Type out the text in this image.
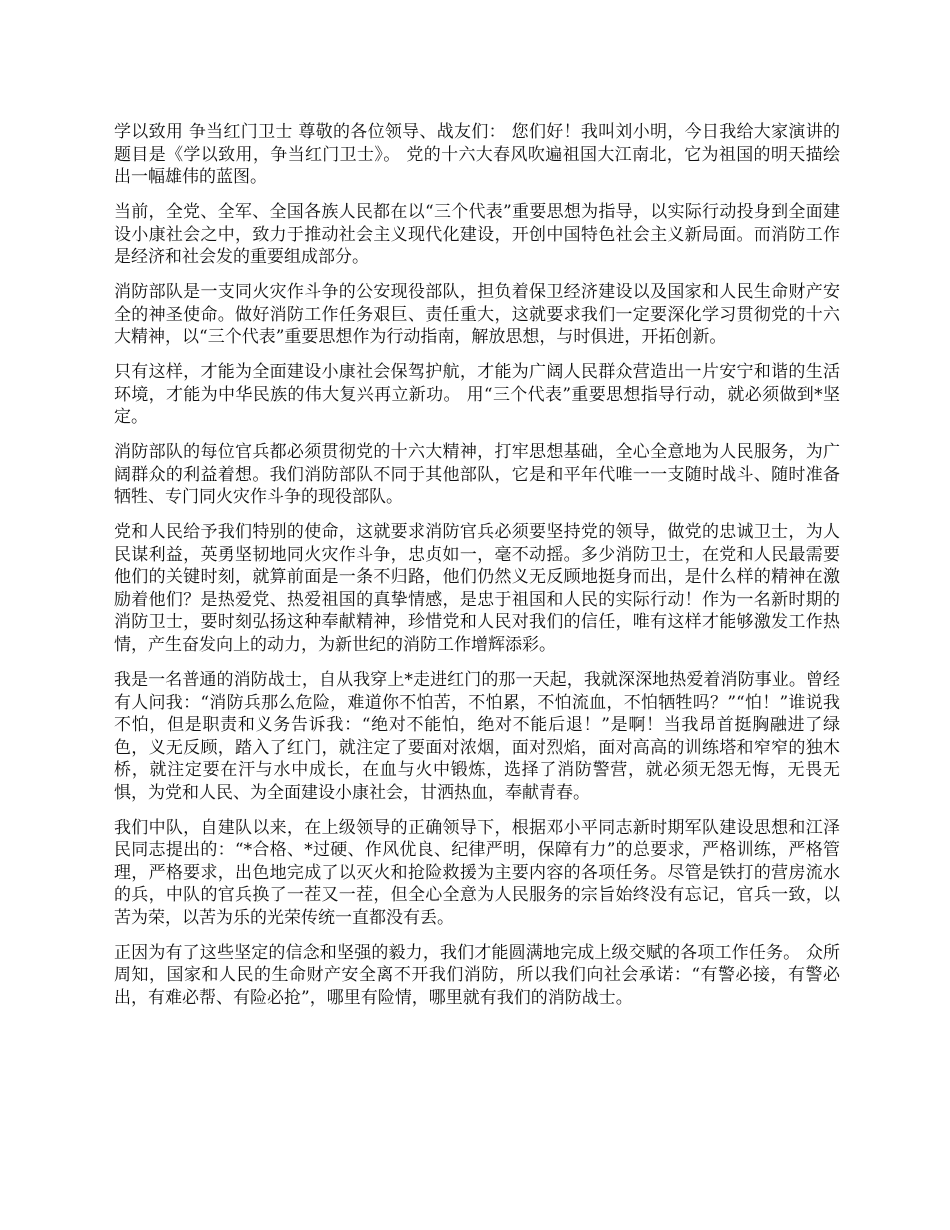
学以致用 争当红门卫士 尊敬的各位领导、战友们： 您们好！我叫刘小明，今日我给大家演讲的题目是《学以致用，争当红门卫士》。 党的十六大春风吹遍祖国大江南北，它为祖国的明天描绘出一幅雄伟的蓝图。

当前，全党、全军、全国各族人民都在以“三个代表”重要思想为指导，以实际行动投身到全面建设小康社会之中，致力于推动社会主义现代化建设，开创中国特色社会主义新局面。而消防工作是经济和社会发的重要组成部分。

消防部队是一支同火灾作斗争的公安现役部队，担负着保卫经济建设以及国家和人民生命财产安全的神圣使命。做好消防工作任务艰巨、责任重大，这就要求我们一定要深化学习贯彻党的十六大精神，以“三个代表”重要思想作为行动指南，解放思想，与时俱进，开拓创新。

只有这样，才能为全面建设小康社会保驾护航，才能为广阔人民群众营造出一片安宁和谐的生活环境，才能为中华民族的伟大复兴再立新功。 用“三个代表”重要思想指导行动，就必须做到*坚定。

消防部队的每位官兵都必须贯彻党的十六大精神，打牢思想基础，全心全意地为人民服务，为广阔群众的利益着想。我们消防部队不同于其他部队，它是和平年代唯一一支随时战斗、随时准备牺牲、专门同火灾作斗争的现役部队。

党和人民给予我们特别的使命，这就要求消防官兵必须要坚持党的领导，做党的忠诚卫士，为人民谋利益，英勇坚韧地同火灾作斗争，忠贞如一，毫不动摇。多少消防卫士，在党和人民最需要他们的关键时刻，就算前面是一条不归路，他们仍然义无反顾地挺身而出，是什么样的精神在激励着他们？是热爱党、热爱祖国的真挚情感，是忠于祖国和人民的实际行动！作为一名新时期的消防卫士，要时刻弘扬这种奉献精神，珍惜党和人民对我们的信任，唯有这样才能够激发工作热情，产生奋发向上的动力，为新世纪的消防工作增辉添彩。

我是一名普通的消防战士，自从我穿上*走进红门的那一天起，我就深深地热爱着消防事业。曾经有人问我：“消防兵那么危险，难道你不怕苦，不怕累，不怕流血，不怕牺牲吗？”“怕！”谁说我不怕，但是职责和义务告诉我：“绝对不能怕，绝对不能后退！”是啊！当我昂首挺胸融进了绿色，义无反顾，踏入了红门，就注定了要面对浓烟，面对烈焰，面对高高的训练塔和窄窄的独木桥，就注定要在汗与水中成长，在血与火中锻炼，选择了消防警营，就必须无怨无悔，无畏无惧，为党和人民、为全面建设小康社会，甘洒热血，奉献青春。

我们中队，自建队以来，在上级领导的正确领导下，根据邓小平同志新时期军队建设思想和江泽民同志提出的：“*合格、*过硬、作风优良、纪律严明，保障有力”的总要求，严格训练，严格管理，严格要求，出色地完成了以灭火和抢险救援为主要内容的各项任务。尽管是铁打的营房流水的兵，中队的官兵换了一茬又一茬，但全心全意为人民服务的宗旨始终没有忘记，官兵一致，以苦为荣，以苦为乐的光荣传统一直都没有丢。

正因为有了这些坚定的信念和坚强的毅力，我们才能圆满地完成上级交赋的各项工作任务。 众所周知，国家和人民的生命财产安全离不开我们消防，所以我们向社会承诺：“有警必接，有警必出，有难必帮、有险必抢”，哪里有险情，哪里就有我们的消防战士。
